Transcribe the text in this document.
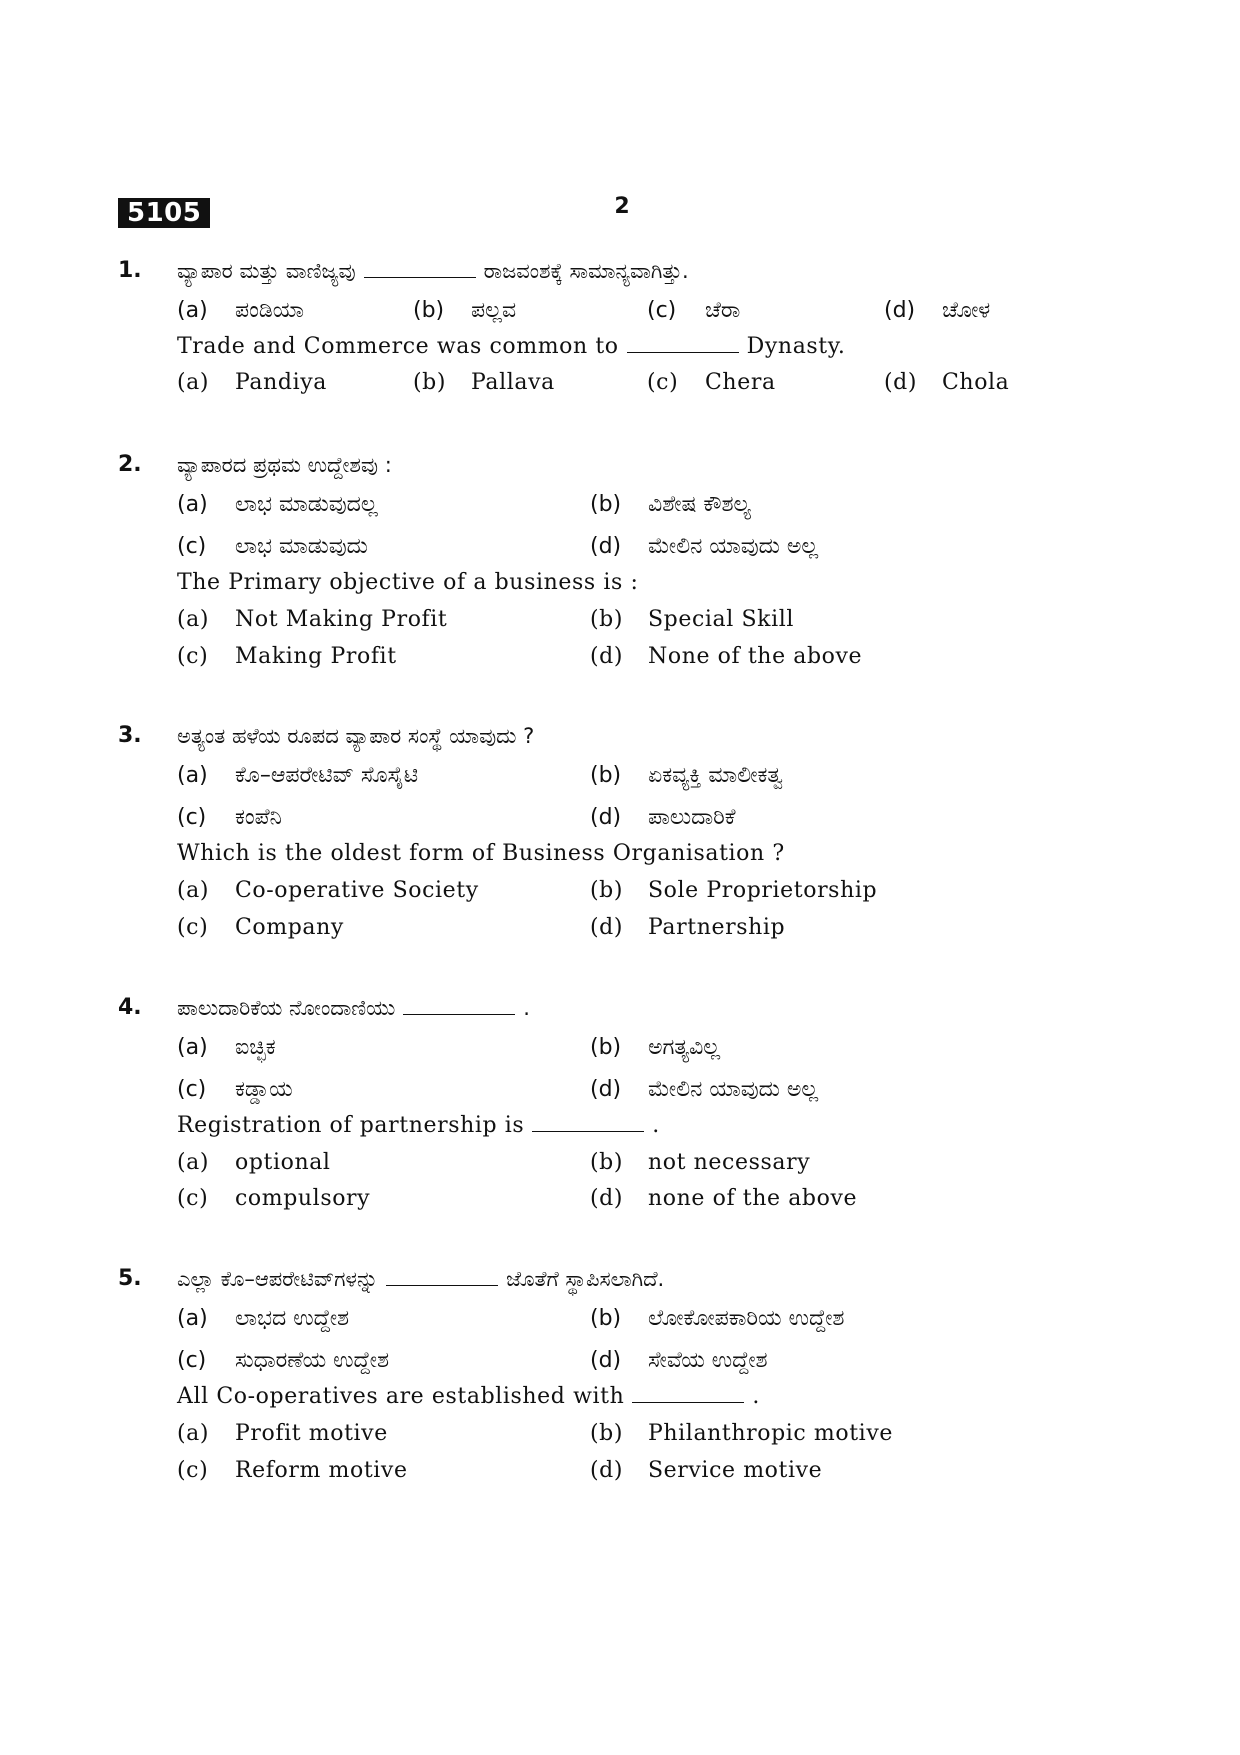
5105	2
1. ವ್ಯಾಪಾರ ಮತ್ತು ವಾಣಿಜ್ಯವು	ರಾಜವಂಶಕ್ಕೆ ಸಾಮಾನ್ಯವಾಗಿತ್ತು.
(a) ಪಂಡಿಯಾ	(b) ಪಲ್ಲವ	(c) ಚೆರಾ	(d) ಚೋಳ
Trade and Commerce was common to	Dynasty.
(a) Pandiya	(b) Pallava	(c) Chera	(d) Chola
2. ವ್ಯಾಪಾರದ ಪ್ರಥಮ ಉದ್ದೇಶವು :
(a) ಲಾಭ ಮಾಡುವುದಲ್ಲ	(b) ವಿಶೇಷ ಕೌಶಲ್ಯ
(c) ಲಾಭ ಮಾಡುವುದು	(d) ಮೇಲಿನ ಯಾವುದು ಅಲ್ಲ
The Primary objective of a business is :
(a) Not Making Profit	(b) Special Skill
(c) Making Profit	(d) None of the above
3. ಅತ್ಯಂತ ಹಳೆಯ ರೂಪದ ವ್ಯಾಪಾರ ಸಂಸ್ಥೆ ಯಾವುದು ?
(a) ಕೊ–ಆಪರೇಟಿವ್ ಸೊಸೈಟಿ	(b) ಏಕವ್ಯಕ್ತಿ ಮಾಲೀಕತ್ವ
(c) ಕಂಪೆನಿ	(d) ಪಾಲುದಾರಿಕೆ
Which is the oldest form of Business Organisation ?
(a) Co-operative Society	(b) Sole Proprietorship
(c) Company	(d) Partnership
4. ಪಾಲುದಾರಿಕೆಯ ನೋಂದಾಣಿಯು	.
(a) ಐಚ್ಛಿಕ	(b) ಅಗತ್ಯವಿಲ್ಲ
(c) ಕಡ್ಡಾಯ	(d) ಮೇಲಿನ ಯಾವುದು ಅಲ್ಲ
Registration of partnership is	.
(a) optional	(b) not necessary
(c) compulsory	(d) none of the above
5. ಎಲ್ಲಾ ಕೊ–ಆಪರೇಟಿವ್‌ಗಳನ್ನು	ಜೊತೆಗೆ ಸ್ಥಾಪಿಸಲಾಗಿದೆ.
(a) ಲಾಭದ ಉದ್ದೇಶ	(b) ಲೋಕೋಪಕಾರಿಯ ಉದ್ದೇಶ
(c) ಸುಧಾರಣೆಯ ಉದ್ದೇಶ	(d) ಸೇವೆಯ ಉದ್ದೇಶ
All Co-operatives are established with	.
(a) Profit motive	(b) Philanthropic motive
(c) Reform motive	(d) Service motive
